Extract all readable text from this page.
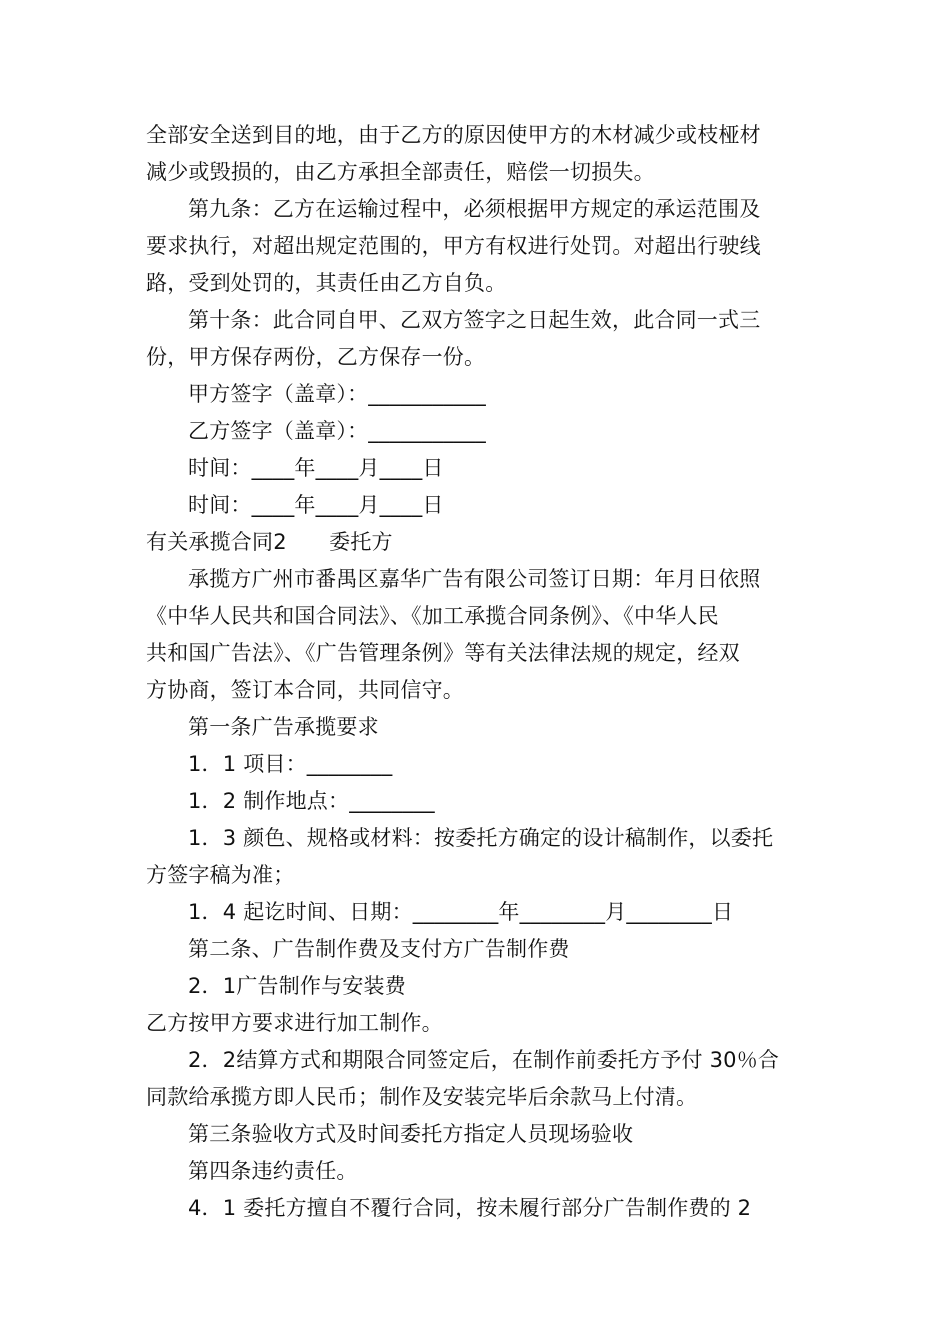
全部安全送到目的地，由于乙方的原因使甲方的木材减少或枝桠材
减少或毁损的，由乙方承担全部责任，赔偿一切损失。
第九条：乙方在运输过程中，必须根据甲方规定的承运范围及
要求执行，对超出规定范围的，甲方有权进行处罚。对超出行驶线
路，受到处罚的，其责任由乙方自负。
第十条：此合同自甲、乙双方签字之日起生效，此合同一式三
份，甲方保存两份，乙方保存一份。
甲方签字（盖章）：___________
乙方签字（盖章）：___________
时间：____年____月____日
时间：____年____月____日
有关承揽合同2　　委托方
承揽方广州市番禺区嘉华广告有限公司签订日期：年月日依照
《中华人民共和国合同法》、《加工承揽合同条例》、《中华人民
共和国广告法》、《广告管理条例》等有关法律法规的规定，经双
方协商，签订本合同，共同信守。
第一条广告承揽要求
1．1 项目：________
1．2 制作地点：________
1．3 颜色、规格或材料：按委托方确定的设计稿制作，以委托
方签字稿为准；
1．4 起讫时间、日期：________年________月________日
第二条、广告制作费及支付方广告制作费
2．1广告制作与安装费
乙方按甲方要求进行加工制作。
2．2结算方式和期限合同签定后，在制作前委托方予付 30％合
同款给承揽方即人民币；制作及安装完毕后余款马上付清。
第三条验收方式及时间委托方指定人员现场验收
第四条违约责任。
4．1 委托方擅自不覆行合同，按未履行部分广告制作费的 2
